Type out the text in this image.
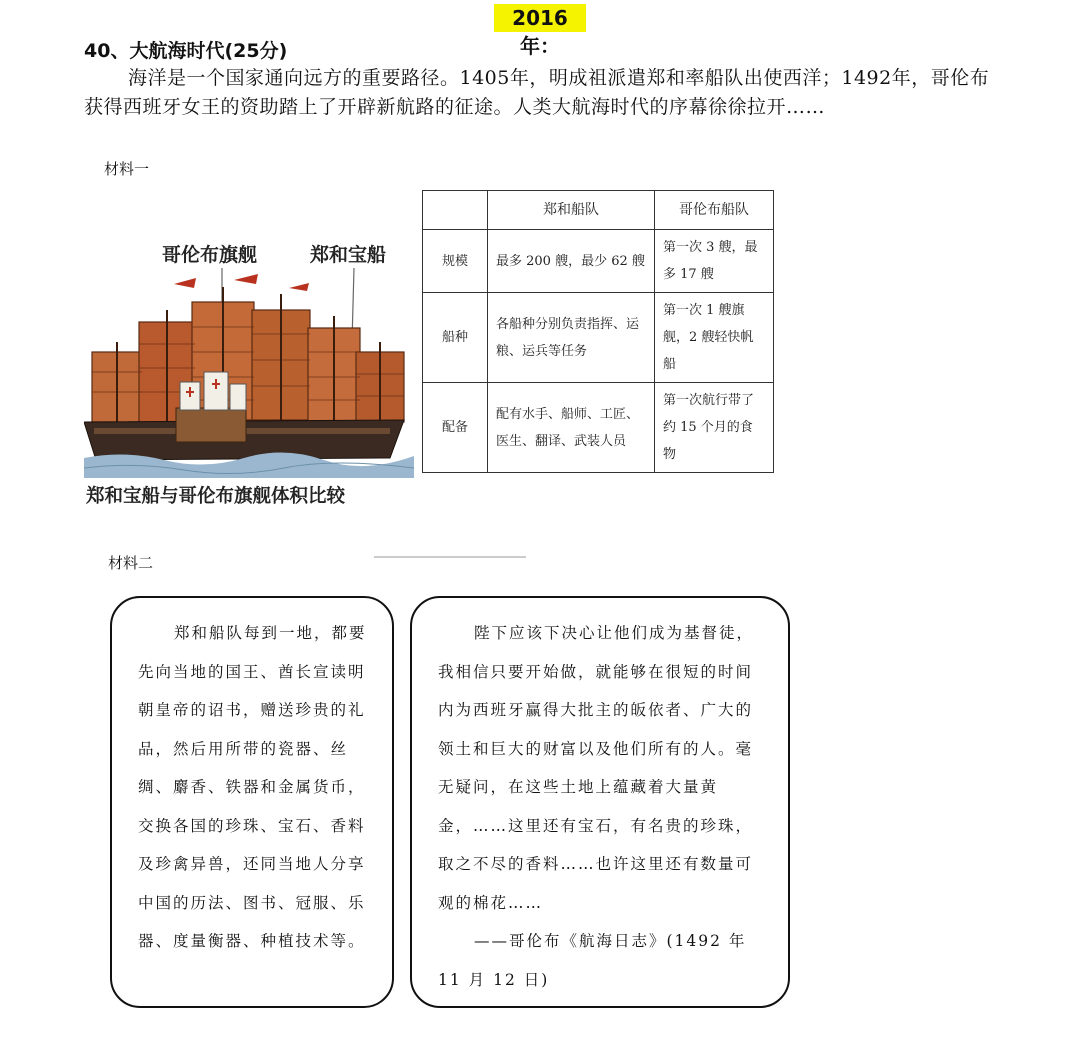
2016年：
40、大航海时代(25分)
海洋是一个国家通向远方的重要路径。1405年，明成祖派遣郑和率船队出使西洋；1492年，哥伦布获得西班牙女王的资助踏上了开辟新航路的征途。人类大航海时代的序幕徐徐拉开……
材料一
哥伦布旗舰	郑和宝船
郑和宝船与哥伦布旗舰体积比较
	郑和船队	哥伦布船队
规模	最多 200 艘，最少 62 艘	第一次 3 艘，最多 17 艘
船种	各船种分别负责指挥、运粮、运兵等任务	第一次 1 艘旗舰，2 艘轻快帆船
配备	配有水手、船师、工匠、医生、翻译、武装人员	第一次航行带了约 15 个月的食物
材料二
郑和船队每到一地，都要先向当地的国王、酋长宣读明朝皇帝的诏书，赠送珍贵的礼品，然后用所带的瓷器、丝绸、麝香、铁器和金属货币，交换各国的珍珠、宝石、香料及珍禽异兽，还同当地人分享中国的历法、图书、冠服、乐器、度量衡器、种植技术等。
陛下应该下决心让他们成为基督徒，我相信只要开始做，就能够在很短的时间内为西班牙赢得大批主的皈依者、广大的领土和巨大的财富以及他们所有的人。毫无疑问，在这些土地上蕴藏着大量黄金，……这里还有宝石，有名贵的珍珠，取之不尽的香料……也许这里还有数量可观的棉花……
——哥伦布《航海日志》(1492 年 11 月 12 日)
